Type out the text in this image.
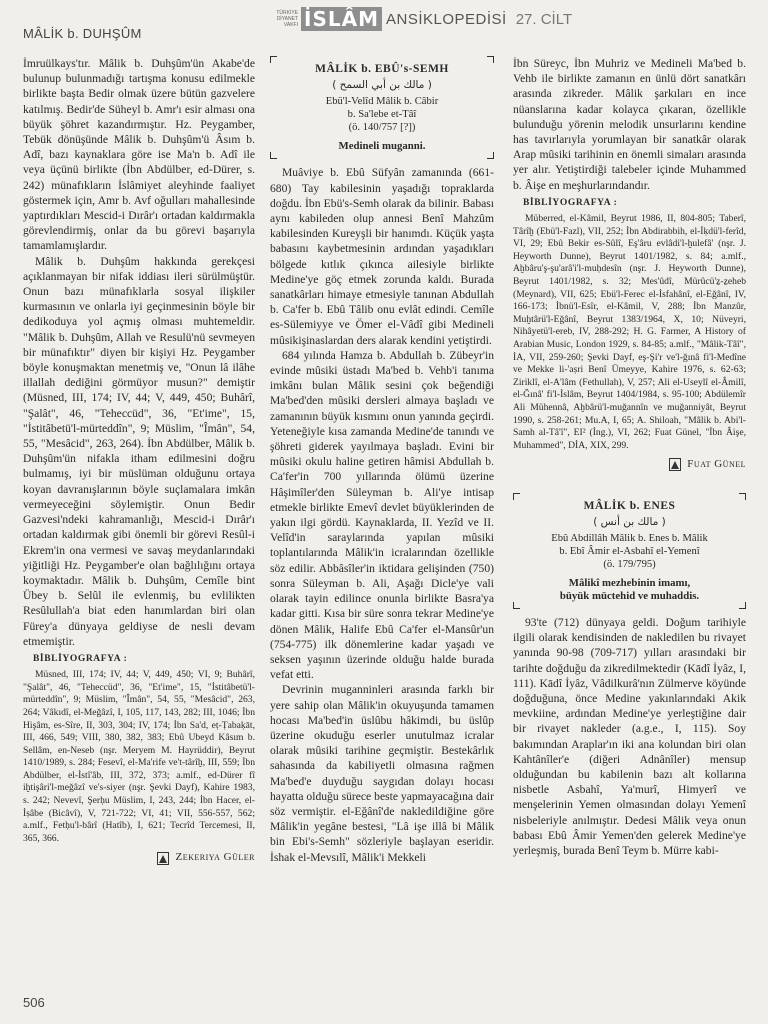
MÂLİK b. DUHŞÛM
TÜRKİYE
DİYANET
VAKFI İSLÂM ANSİKLOPEDİSİ 27. CİLT

İmruülkays'tır. Mâlik b. Duhşûm'ün Akabe'de bulunup bulunmadığı tartışma konusu edilmekle birlikte başta Bedir olmak üzere bütün gazvelere katılmış. Bedir'de Süheyl b. Amr'ı esir alması ona büyük şöhret kazandırmıştır. Hz. Peygamber, Tebük dönüşünde Mâlik b. Duhşûm'ü Âsım b. Adî, bazı kaynaklara göre ise Ma'n b. Adî ile veya üçünü birlikte (İbn Abdülber, ed-Dürer, s. 242) münafıkların İslâmiyet aleyhinde faaliyet göstermek için, Amr b. Avf oğulları mahallesinde yaptırdıkları Mescid-i Dırâr'ı ortadan kaldırmakla görevlendirmiş, onlar da bu görevi başarıyla tamamlamışlardır.

Mâlik b. Duhşûm hakkında gerekçesi açıklanmayan bir nifak iddiası ileri sürülmüştür. Onun bazı münafıklarla sosyal ilişkiler kurmasının ve onlarla iyi geçinmesinin böyle bir dedikoduya yol açmış olması muhtemeldir. "Mâlik b. Duhşûm, Allah ve Resulü'nü sevmeyen bir münafıktır" diyen bir kişiyi Hz. Peygamber böyle konuşmaktan menetmiş ve, "Onun lâ ilâhe illallah dediğini görmüyor musun?" demiştir (Müsned, III, 174; IV, 44; V, 449, 450; Buhârî, "Şalât", 46, "Teheccüd", 36, "Et'ime", 15, "İstitâbetü'l-mürteddîn", 9; Müslim, "Îmân", 54, 55, "Mesâcid", 263, 264). İbn Abdülber, Mâlik b. Duhşûm'ün nifakla itham edilmesini doğru bulmamış, iyi bir müslüman olduğunu ortaya koyan davranışlarının böyle suçlamalara imkân vermeyeceğini söylemiştir. Onun Bedir Gazvesi'ndeki kahramanlığı, Mescid-i Dırâr'ı ortadan kaldırmak gibi önemli bir görevi Resûl-i Ekrem'in ona vermesi ve savaş meydanlarındaki yiğitliği Hz. Peygamber'e olan bağlılığını ortaya koymaktadır. Mâlik b. Duhşûm, Cemîle bint Übey b. Selûl ile evlenmiş, bu evlilikten Resûlullah'a biat eden hanımlardan biri olan Fürey'a dünyaya geldiyse de nesli devam etmemiştir.

BİBLİYOGRAFYA :

Müsned, III, 174; IV, 44; V, 449, 450; VI, 9; Buhârî, "Şalât", 46, "Teheccüd", 36, "Et'ime", 15, "İstitâbetü'l-mürteddîn", 9; Müslim, "Îmân", 54, 55, "Mesâcid", 263, 264; Vâkıdî, el-Meğâzî, I, 105, 117, 143, 282; III, 1046; İbn Hişâm, es-Sîre, II, 303, 304; IV, 174; İbn Sa'd, eṭ-Ṭabaḳāt, III, 466, 549; VIII, 380, 382, 383; Ebû Ubeyd Kâsım b. Sellâm, en-Neseb (nşr. Meryem M. Hayrüddir), Beyrut 1410/1989, s. 284; Fesevî, el-Ma'rife ve't-târîḫ, III, 559; İbn Abdülber, el-İstî'âb, III, 372, 373; a.mlf., ed-Dürer fî iḫtişâri'l-meğâzî ve's-siyer (nşr. Şevki Dayf), Kahire 1983, s. 242; Nevevî, Şerḥu Müslim, I, 243, 244; İbn Hacer, el-İṣâbe (Bicâvî), V, 721-722; VI, 41; VII, 556-557, 562; a.mlf., Fetḥu'l-bârî (Hatîb), I, 621; Tecrîd Tercemesi, II, 365, 366.

Zekeriya Güler
MÂLİK b. EBÛ's-SEMH
( مالك بن أبي السمح )
Ebü'l-Velîd Mâlik b. Câbir
b. Sa'lebe et-Tâî
(ö. 140/757 [?])
Medineli muganni.

Muâviye b. Ebû Süfyân zamanında (661-680) Tay kabilesinin yaşadığı topraklarda doğdu. İbn Ebü's-Semh olarak da bilinir. Babası aynı kabileden olup annesi Benî Mahzûm kabilesinden Kureyşli bir hanımdı. Küçük yaşta babasını kaybetmesinin ardından yaşadıkları bölgede kıtlık çıkınca ailesiyle birlikte Medine'ye göç etmek zorunda kaldı. Burada sanatkârları himaye etmesiyle tanınan Abdullah b. Ca'fer b. Ebû Tâlib onu evlât edindi. Cemîle es-Sülemiyye ve Ömer el-Vâdî gibi Medineli mûsikişinaslardan ders alarak kendini yetiştirdi.

684 yılında Hamza b. Abdullah b. Zübeyr'in evinde mûsiki üstadı Ma'bed b. Vehb'i tanıma imkânı bulan Mâlik sesini çok beğendiği Ma'bed'den mûsiki dersleri almaya başladı ve zamanının büyük kısmını onun yanında geçirdi. Yeteneğiyle kısa zamanda Medine'de tanındı ve şöhreti giderek yayılmaya başladı. Evini bir mûsiki okulu haline getiren hâmisi Abdullah b. Ca'fer'in 700 yıllarında ölümü üzerine Hâşimîler'den Süleyman b. Ali'ye intisap etmekle birlikte Emevî devlet büyüklerinden de yakın ilgi gördü. Kaynaklarda, II. Yezîd ve II. Velîd'in saraylarında yapılan mûsiki toplantılarında Mâlik'in icralarından özellikle söz edilir. Abbâsîler'in iktidara gelişinden (750) sonra Süleyman b. Ali, Aşağı Dicle'ye vali olarak tayin edilince onunla birlikte Basra'ya kadar gitti. Kısa bir süre sonra tekrar Medine'ye dönen Mâlik, Halife Ebû Ca'fer el-Mansûr'un (754-775) ilk dönemlerine kadar yaşadı ve seksen yaşının üzerinde olduğu halde burada vefat etti.

Devrinin muganninleri arasında farklı bir yere sahip olan Mâlik'in okuyuşunda tamamen hocası Ma'bed'in üslûbu hâkimdi, bu üslûp üzerine okuduğu eserler unutulmaz icralar olarak mûsiki tarihine geçmiştir. Bestekârlık sahasında da kabiliyetli olmasına rağmen Ma'bed'e duyduğu saygıdan dolayı hocası hayatta olduğu sürece beste yapmayacağına dair söz vermiştir. el-Eğânî'de nakledildiğine göre Mâlik'in yegâne bestesi, "Lâ işe illâ bi Mâlik bin Ebi's-Semh" sözleriyle başlayan eseridir. İshak el-Mevsılî, Mâlik'i Mekkeli

İbn Süreyc, İbn Muhriz ve Medineli Ma'bed b. Vehb ile birlikte zamanın en ünlü dört sanatkârı arasında zikreder. Mâlik şarkıları en ince nüanslarına kadar kolayca çıkaran, özellikle bulunduğu yörenin melodik unsurlarını kendine has tavırlarıyla yorumlayan bir sanatkâr olarak Arap mûsiki tarihinin en önemli simaları arasında yer alır. Yetiştirdiği talebeler içinde Muhammed b. Âişe en meşhurlarındandır.

BİBLİYOGRAFYA :

Müberred, el-Kâmil, Beyrut 1986, II, 804-805; Taberî, Târîḫ (Ebü'l-Fazl), VII, 252; İbn Abdirabbih, el-İḳdü'l-ferîd, VI, 29; Ebû Bekir es-Sûlî, Eş'âru evlâdi'l-ḫulefâ' (nşr. J. Heyworth Dunne), Beyrut 1401/1982, s. 84; a.mlf., Aḫbâru'ş-şu'arâ'i'l-muḥdesîn (nşr. J. Heyworth Dunne), Beyrut 1401/1982, s. 32; Mes'ûdî, Mürûcü'ẕ-ẕeheb (Meynard), VII, 625; Ebü'l-Ferec el-İsfahânî, el-Eğânî, IV, 166-173; İbnü'l-Esîr, el-Kâmil, V, 288; İbn Manzûr, Muḫtârü'l-Eğânî, Beyrut 1383/1964, X, 10; Nüveyri, Nihâyetü'l-ereb, IV, 288-292; H. G. Farmer, A History of Arabian Music, London 1929, s. 84-85; a.mlf., "Mâlik-Tâî", İA, VII, 259-260; Şevki Dayf, eş-Şi'r ve'l-ğınâ fi'l-Medîne ve Mekke li-'aṣri Benî Ümeyye, Kahire 1976, s. 62-63; Ziriklî, el-A'lâm (Fethullah), V, 257; Ali el-Useylî el-Âmilî, el-Ğınâ' fi'l-İslâm, Beyrut 1404/1984, s. 95-100; Abdülemîr Ali Mühennâ, Aḫbârü'l-muğannîn ve muğanniyât, Beyrut 1990, s. 258-261; Mu.A, I, 65; A. Shiloah, "Mâlik b. Abi'l-Samh al-Tâ'î", EI² (İng.), VI, 262; Fuat Günel, "İbn Âişe, Muhammed", DİA, XIX, 299.

Fuat Günel
MÂLİK b. ENES
( مالك بن أنس )
Ebû Abdillâh Mâlik b. Enes b. Mâlik
b. Ebî Âmir el-Asbahî el-Yemenî
(ö. 179/795)
Mâlikî mezhebinin imamı,
büyük müctehid ve muhaddis.

93'te (712) dünyaya geldi. Doğum tarihiyle ilgili olarak kendisinden de nakledilen bu rivayet yanında 90-98 (709-717) yılları arasındaki bir tarihte doğduğu da zikredilmektedir (Kādî İyâz, I, 111). Kādî İyâz, Vâdilkurâ'nın Zülmerve köyünde doğduğuna, önce Medine yakınlarındaki Akik mevkiine, ardından Medine'ye yerleştiğine dair bir rivayet nakleder (a.g.e., I, 115). Soy bakımından Araplar'ın iki ana kolundan biri olan Kahtânîler'e (diğeri Adnânîler) mensup olduğundan bu kabilenin bazı alt kollarına nisbetle Asbahî, Ya'murî, Himyerî ve menşelerinin Yemen olmasından dolayı Yemenî nisbeleriyle anılmıştır. Dedesi Mâlik veya onun babası Ebû Âmir Yemen'den gelerek Medine'ye yerleşmiş, burada Benî Teym b. Mürre kabi-

506
